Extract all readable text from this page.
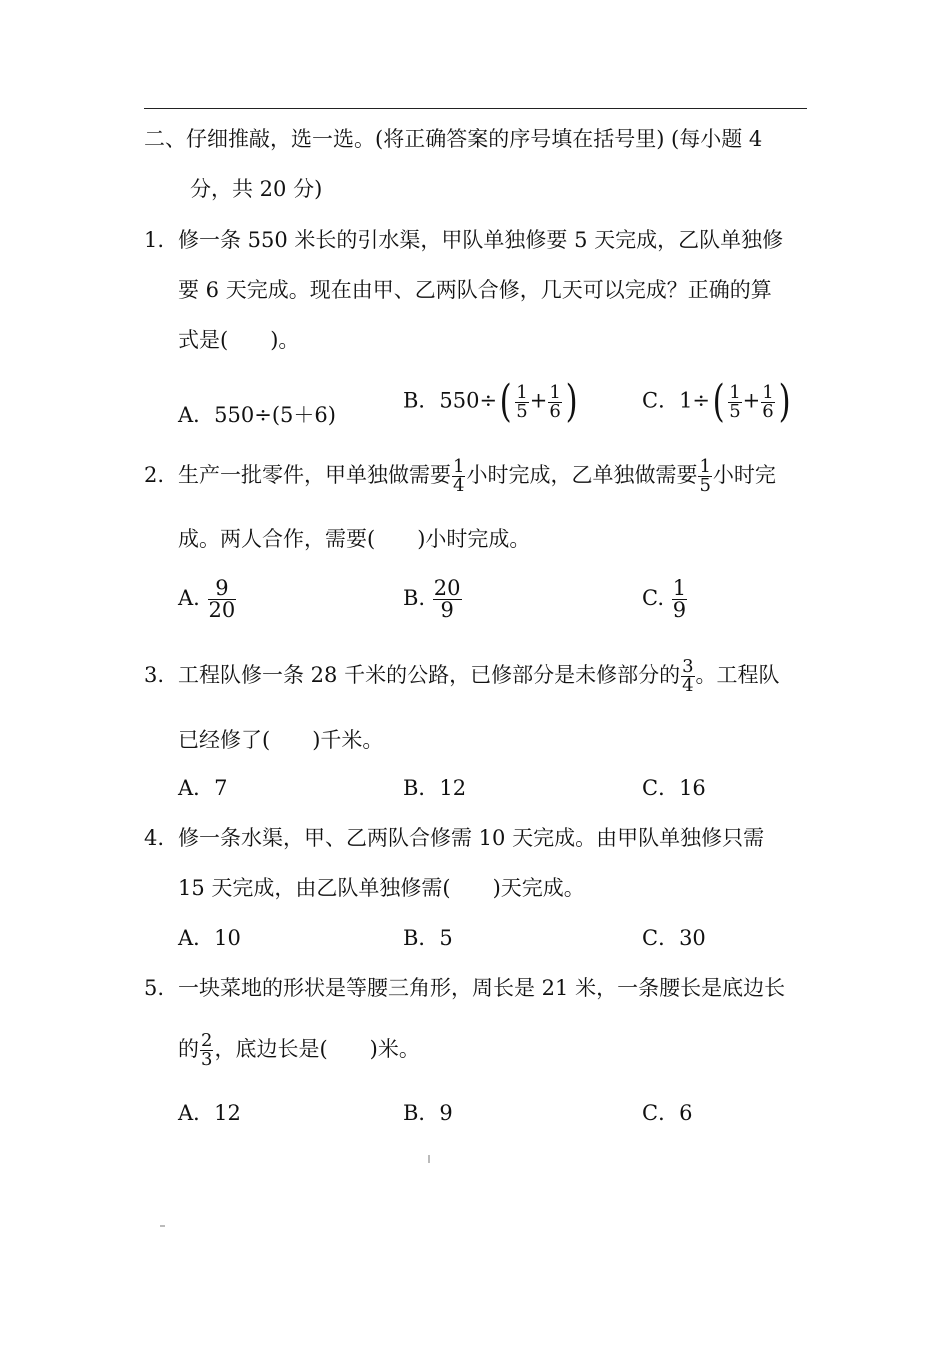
二、仔细推敲，选一选。(将正确答案的序号填在括号里) (每小题 4
分，共 20 分)
1. 修一条 550 米长的引水渠，甲队单独修要 5 天完成，乙队单独修
要 6 天完成。现在由甲、乙两队合修，几天可以完成？正确的算
式是(　　)。
A．550÷(5＋6)
B．$550\div( \frac{1}{5} + \frac{1}{6}$ )	C．$1\div( \frac{1}{5} + \frac{1}{6}$ )
2. 生产一批零件，甲单独做需要 $\frac{1}{4}$ 小时完成，乙单独做需要 $\frac{1}{5}$ 小时完
成。两人合作，需要(　　)小时完成。
A. $\frac{9}{20}$	B. $\frac{20}{9}$	C. $\frac{1}{9}$
3. 工程队修一条 28 千米的公路，已修部分是未修部分的 $\frac{3}{4}$ 。工程队
已经修了(　　)千米。
A．7	B．12	C．16
4. 修一条水渠，甲、乙两队合修需 10 天完成。由甲队单独修只需
15 天完成，由乙队单独修需(　　)天完成。
A．10	B．5	C．30
5. 一块菜地的形状是等腰三角形，周长是 21 米，一条腰长是底边长
的 $\frac{2}{3}$ ，底边长是(　　)米。
A．12	B．9	C．6
